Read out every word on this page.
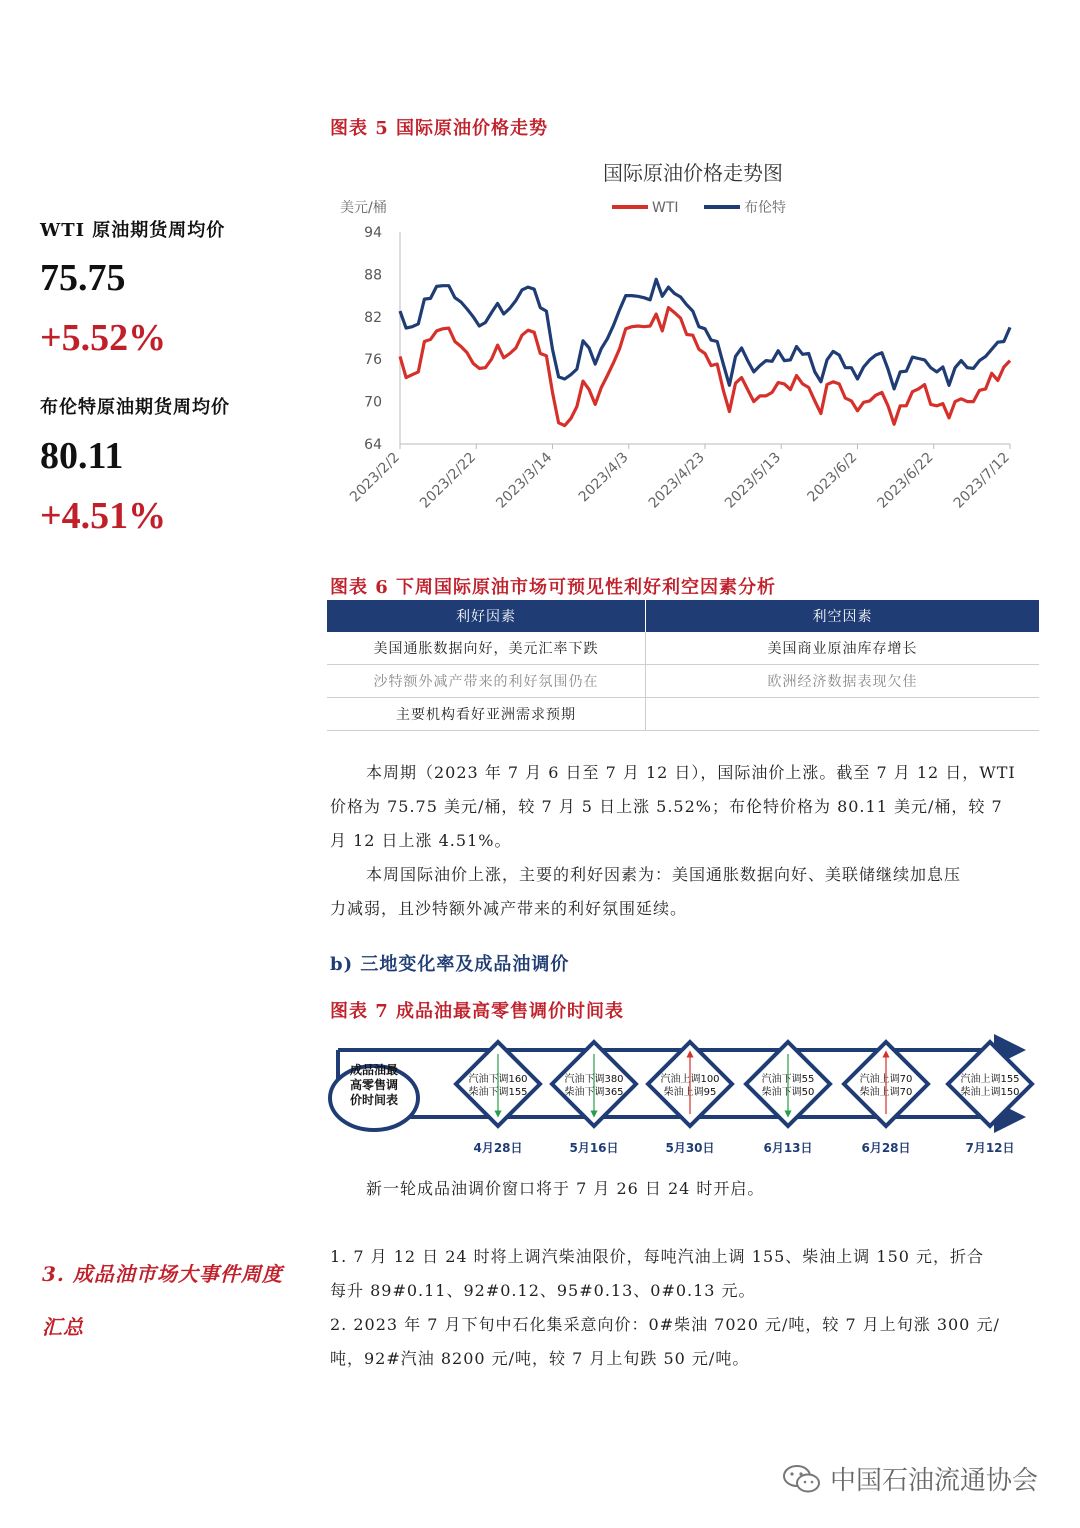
WTI 原油期货周均价
75.75
+5.52%
布伦特原油期货周均价
80.11
+4.51%
图表 5 国际原油价格走势
国际原油价格走势图
美元/桶	WTI	布伦特
94
88
82
76
70
64
2023/2/2 2023/2/22 2023/3/14 2023/4/3 2023/4/23 2023/5/13 2023/6/2 2023/6/22 2023/7/12
图表 6 下周国际原油市场可预见性利好利空因素分析
利好因素	利空因素
美国通胀数据向好，美元汇率下跌	美国商业原油库存增长
沙特额外减产带来的利好氛围仍在	欧洲经济数据表现欠佳
主要机构看好亚洲需求预期	
本周期（2023 年 7 月 6 日至 7 月 12 日），国际油价上涨。截至 7 月 12 日，WTI
价格为 75.75 美元/桶，较 7 月 5 日上涨 5.52%；布伦特价格为 80.11 美元/桶，较 7
月 12 日上涨 4.51%。
本周国际油价上涨，主要的利好因素为：美国通胀数据向好、美联储继续加息压
力减弱，且沙特额外减产带来的利好氛围延续。
b) 三地变化率及成品油调价
图表 7 成品油最高零售调价时间表
成品油最
高零售调
价时间表
汽油下调160
柴油下调155
4月28日
汽油下调380
柴油下调365
5月16日
汽油上调100
柴油上调95
5月30日
汽油下调55
柴油下调50
6月13日
汽油上调70
柴油上调70
6月28日
汽油上调155
柴油上调150
7月12日
新一轮成品油调价窗口将于 7 月 26 日 24 时开启。
3. 成品油市场大事件周度
汇总
1. 7 月 12 日 24 时将上调汽柴油限价，每吨汽油上调 155、柴油上调 150 元，折合
每升 89#0.11、92#0.12、95#0.13、0#0.13 元。
2. 2023 年 7 月下旬中石化集采意向价：0#柴油 7020 元/吨，较 7 月上旬涨 300 元/
吨，92#汽油 8200 元/吨，较 7 月上旬跌 50 元/吨。
中国石油流通协会
